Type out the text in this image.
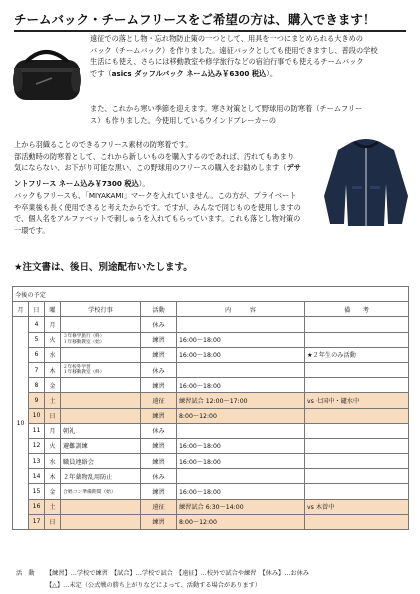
チームバック・チームフリースをご希望の方は、購入できます！
遠征での落とし物・忘れ物防止策の一つとして、用具を一つにまとめられる大きめの
バック（チームバック）を作りました。遠征バックとしても使用できますし、普段の学校
生活にも使え、さらには移動教室や修学旅行などの宿泊行事でも使えるチームバック
です（asics ダッフルバック ネーム込み￥6300 税込）。
また、これから寒い季節を迎えます。寒さ対策として野球用の防寒着（チームフリー
ス）も作りました。今使用しているウインドブレーカーの
上から羽織ることのできるフリース素材の防寒着です。
部活動時の防寒着として、これから新しいものを購入するのであれば、汚れてもあまり
気にならない、お下がり可能な黒い、この野球用のフリースの購入をお勧めします（デサ
ントフリース ネーム込み￥7300 税込）。
バックもフリースも、「MIYAKAMI」マークを入れていません。この方が、プライベート
や卒業後も長く使用できると考えたからです。ですが、みんなで同じものを使用しますの
で、個人名をアルファベットで刺しゅうを入れてもらっています。これも落とし物対策の
一環です。
★注文書は、後日、別途配布いたします。
今後の予定						
月	日	曜	学校行事	活動	内　　　容	備　　考
10	4	月		休み		
	5	火	３年修学旅行（終）
１年移動教室（始）	練習	16:00～18:00	
	6	水		練習	16:00～18:00	★２年生のみ活動
	7	木	２年校外学習
１年移動教室（終）	休み		
	8	金		練習	16:00～18:00	
	9	土		遠征	練習試合 12:00～17:00	vs 七国中・鑓水中
	10	日		練習	8:00～12:00	
	11	月	朝礼	休み		
	12	火	避難訓練	練習	16:00～18:00	
	13	水	職員連絡会	練習	16:00～18:00	
	14	木	２年薬物乱用防止	休み		
	15	金	合唱コン準備期間（始）	練習	16:00～18:00	
	16	土		遠征	練習試合 6:30～14:00	vs 木曽中
	17	日		練習	8:00～12:00	
活　動 【練習】…学校で練習　【試合】…学校で試合　【遠征】…校外で試合や練習　【休み】…お休み
【△】…未定（公式戦の勝ち上がりなどによって、活動する場合があります）
